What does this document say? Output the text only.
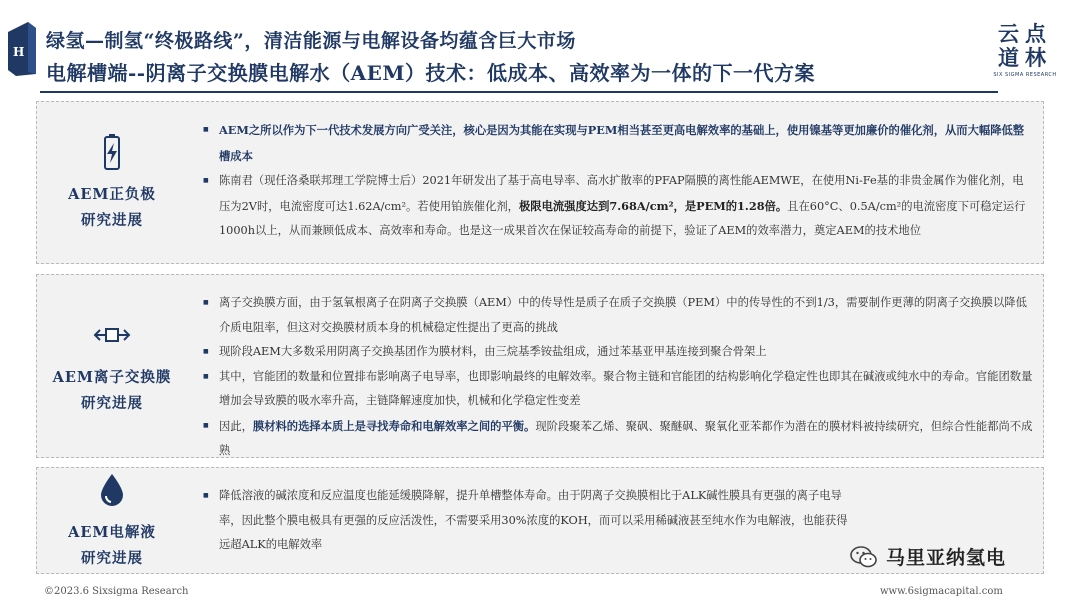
H 绿氢—制氢“终极路线”，清洁能源与电解设备均蕴含巨大市场
电解槽端--阴离子交换膜电解水（AEM）技术：低成本、高效率为一体的下一代方案
云点
道林
SIX SIGMA RESEARCH
AEM正负极
研究进展
■ AEM之所以作为下一代技术发展方向广受关注，核心是因为其能在实现与PEM相当甚至更高电解效率的基础上，使用镍基等更加廉价的催化剂，从而大幅降低整槽成本
■ 陈南君（现任洛桑联邦理工学院博士后）2021年研发出了基于高电导率、高水扩散率的PFAP隔膜的离性能AEMWE，在使用Ni-Fe基的非贵金属作为催化剂，电压为2V时，电流密度可达1.62A/cm²。若使用铂族催化剂，极限电流强度达到7.68A/cm²，是PEM的1.28倍。且在60°C、0.5A/cm²的电流密度下可稳定运行1000h以上，从而兼顾低成本、高效率和寿命。也是这一成果首次在保证较高寿命的前提下，验证了AEM的效率潜力，奠定AEM的技术地位
AEM离子交换膜
研究进展
■ 离子交换膜方面，由于氢氧根离子在阴离子交换膜（AEM）中的传导性是质子在质子交换膜（PEM）中的传导性的不到1/3，需要制作更薄的阴离子交换膜以降低介质电阻率，但这对交换膜材质本身的机械稳定性提出了更高的挑战
■ 现阶段AEM大多数采用阴离子交换基团作为膜材料，由三烷基季铵盐组成，通过苯基亚甲基连接到聚合骨架上
■ 其中，官能团的数量和位置排布影响离子电导率，也即影响最终的电解效率。聚合物主链和官能团的结构影响化学稳定性也即其在碱液或纯水中的寿命。官能团数量增加会导致膜的吸水率升高，主链降解速度加快，机械和化学稳定性变差
■ 因此，膜材料的选择本质上是寻找寿命和电解效率之间的平衡。现阶段聚苯乙烯、聚砜、聚醚砜、聚氧化亚苯都作为潜在的膜材料被持续研究，但综合性能都尚不成熟
AEM电解液
研究进展
■ 降低溶液的碱浓度和反应温度也能延缓膜降解，提升单槽整体寿命。由于阴离子交换膜相比于ALK碱性膜具有更强的离子电导率，因此整个膜电极具有更强的反应活泼性，不需要采用30%浓度的KOH，而可以采用稀碱液甚至纯水作为电解液，也能获得远超ALK的电解效率
马里亚纳氢电
©2023.6 Sixsigma Research	www.6sigmacapital.com
